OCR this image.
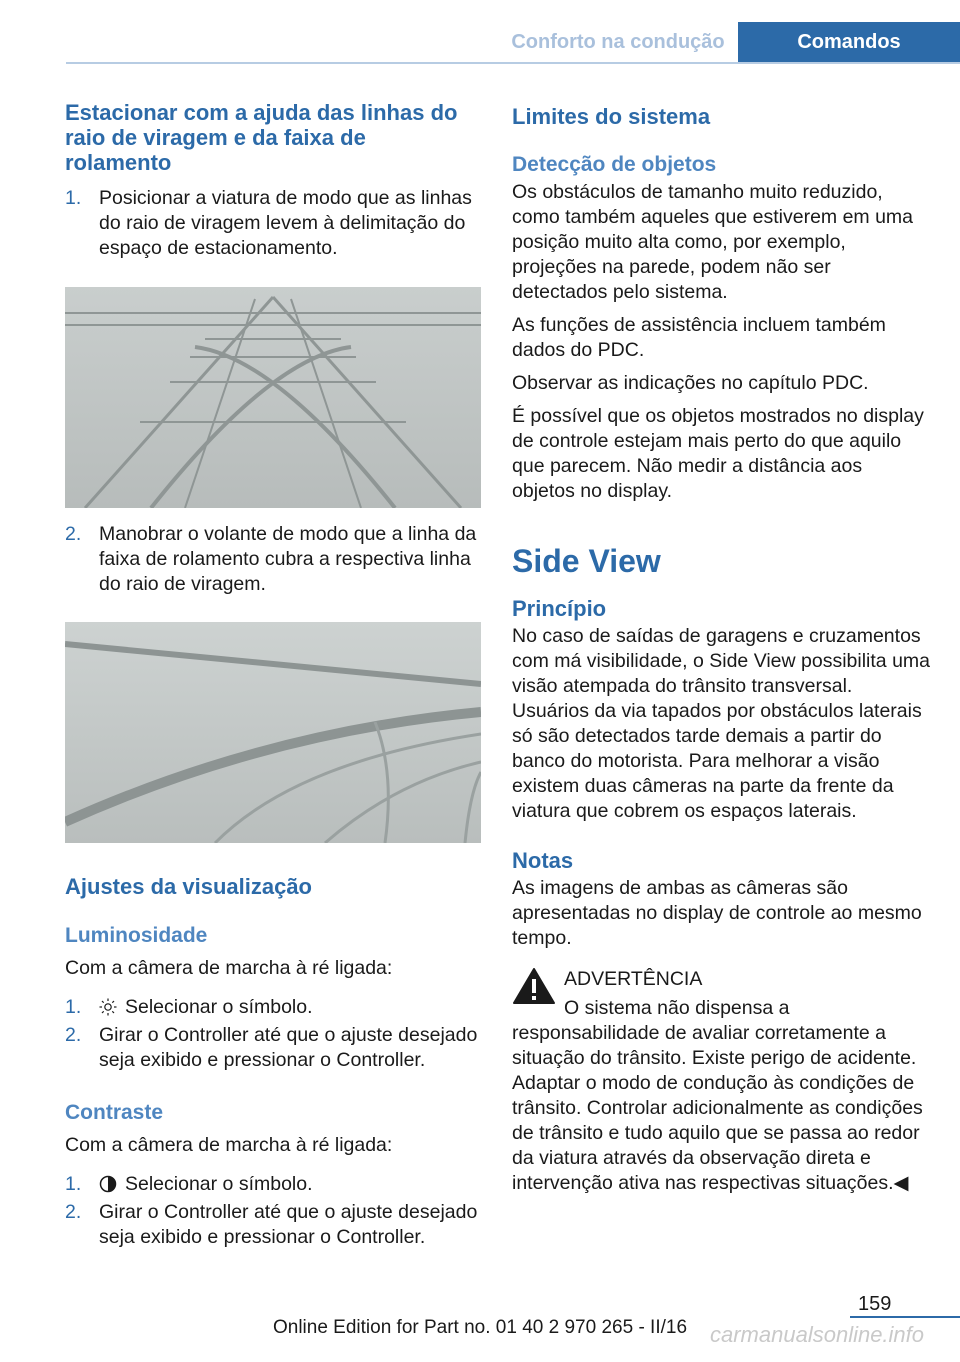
Conforto na condução	Comandos
Estacionar com a ajuda das linhas do raio de viragem e da faixa de rolamento
1. Posicionar a viatura de modo que as linhas do raio de viragem levem à delimitação do espaço de estacionamento.
2. Manobrar o volante de modo que a linha da faixa de rolamento cubra a respectiva linha do raio de viragem.
Ajustes da visualização
Luminosidade

Com a câmera de marcha à ré ligada:

1. Selecionar o símbolo.
2. Girar o Controller até que o ajuste desejado seja exibido e pressionar o Controller.
Contraste

Com a câmera de marcha à ré ligada:

1. Selecionar o símbolo.
2. Girar o Controller até que o ajuste desejado seja exibido e pressionar o Controller.
Limites do sistema
Detecção de objetos

Os obstáculos de tamanho muito reduzido, como também aqueles que estiverem em uma posição muito alta como, por exemplo, projeções na parede, podem não ser detectados pelo sistema.

As funções de assistência incluem também dados do PDC.

Observar as indicações no capítulo PDC.

É possível que os objetos mostrados no display de controle estejam mais perto do que aquilo que parecem. Não medir a distância aos objetos no display.

Side View
Princípio

No caso de saídas de garagens e cruzamentos com má visibilidade, o Side View possibilita uma visão atempada do trânsito transversal. Usuários da via tapados por obstáculos laterais só são detectados tarde demais a partir do banco do motorista. Para melhorar a visão existem duas câmeras na parte da frente da viatura que cobrem os espaços laterais.

Notas

As imagens de ambas as câmeras são apresentadas no display de controle ao mesmo tempo.

ADVERTÊNCIA

O sistema não dispensa a responsabilidade de avaliar corretamente a situação do trânsito. Existe perigo de acidente. Adaptar o modo de condução às condições de trânsito. Controlar adicionalmente as condições de trânsito e tudo aquilo que se passa ao redor da viatura através da observação direta e intervenção ativa nas respectivas situações.◀

159
carmanualsonline.info
Online Edition for Part no. 01 40 2 970 265 - II/16
